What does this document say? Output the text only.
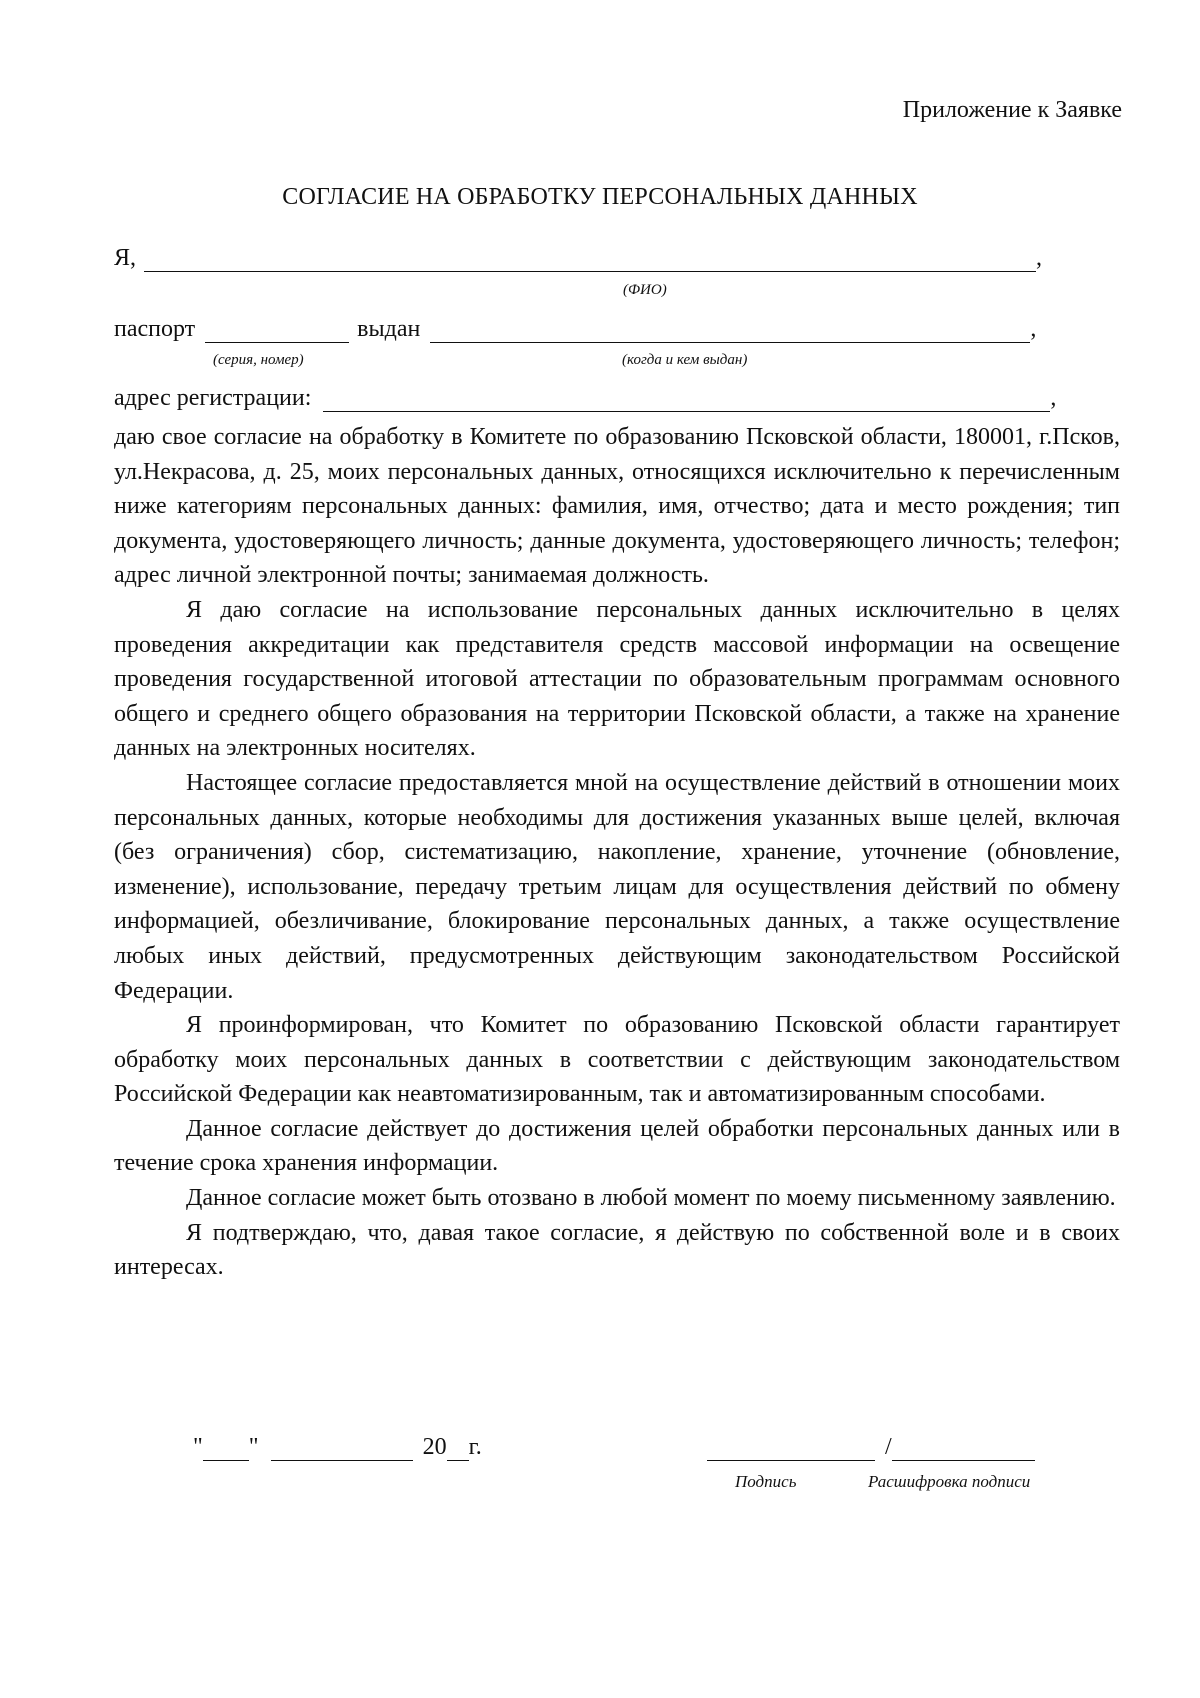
Приложение к Заявке
СОГЛАСИЕ НА ОБРАБОТКУ ПЕРСОНАЛЬНЫХ ДАННЫХ
Я,	,
(ФИО)
паспорт	выдан	,
(серия, номер)	(когда и кем выдан)
адрес регистрации:	,

даю свое согласие на обработку в Комитете по образованию Псковской области, 180001, г.Псков, ул.Некрасова, д. 25, моих персональных данных, относящихся исключительно к перечисленным ниже категориям персональных данных: фамилия, имя, отчество; дата и место рождения; тип документа, удостоверяющего личность; данные документа, удостоверяющего личность; телефон; адрес личной электронной почты; занимаемая должность.

Я даю согласие на использование персональных данных исключительно в целях проведения аккредитации как представителя средств массовой информации на освещение проведения государственной итоговой аттестации по образовательным программам основного общего и среднего общего образования на территории Псковской области, а также на хранение данных на электронных носителях.

Настоящее согласие предоставляется мной на осуществление действий в отношении моих персональных данных, которые необходимы для достижения указанных выше целей, включая (без ограничения) сбор, систематизацию, накопление, хранение, уточнение (обновление, изменение), использование, передачу третьим лицам для осуществления действий по обмену информацией, обезличивание, блокирование персональных данных, а также осуществление любых иных действий, предусмотренных действующим законодательством Российской Федерации.

Я проинформирован, что Комитет по образованию Псковской области гарантирует обработку моих персональных данных в соответствии с действующим законодательством Российской Федерации как неавтоматизированным, так и автоматизированным способами.

Данное согласие действует до достижения целей обработки персональных данных или в течение срока хранения информации.

Данное согласие может быть отозвано в любой момент по моему письменному заявлению.

Я подтверждаю, что, давая такое согласие, я действую по собственной воле и в своих интересах.

" "	20 г.	/
Подпись	Расшифровка подписи
